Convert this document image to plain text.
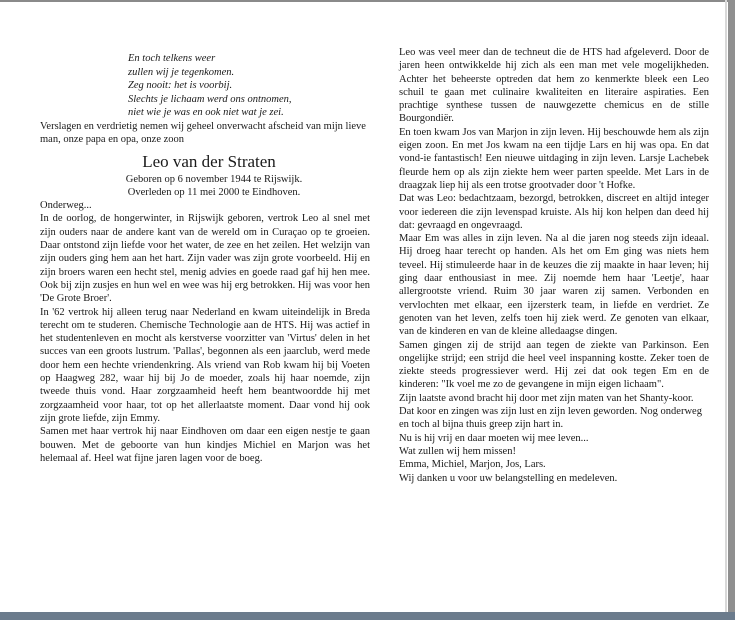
En toch telkens weer
zullen wij je tegenkomen.
Zeg nooit: het is voorbij.
Slechts je lichaam werd ons ontnomen,
niet wie je was en ook niet wat je zei.

Verslagen en verdrietig nemen wij geheel onverwacht afscheid van mijn lieve man, onze papa en opa, onze zoon

Leo van der Straten
Geboren op 6 november 1944 te Rijswijk.
Overleden op 11 mei 2000 te Eindhoven.

Onderweg...

In de oorlog, de hongerwinter, in Rijswijk geboren, vertrok Leo al snel met zijn ouders naar de andere kant van de wereld om in Curaçao op te groeien. Daar ontstond zijn liefde voor het water, de zee en het zeilen. Het welzijn van zijn ouders ging hem aan het hart. Zijn vader was zijn grote voorbeeld. Hij en zijn broers waren een hecht stel, menig advies en goede raad gaf hij hen mee. Ook bij zijn zusjes en hun wel en wee was hij erg betrokken. Hij was voor hen 'De Grote Broer'.

In '62 vertrok hij alleen terug naar Nederland en kwam uiteindelijk in Breda terecht om te studeren. Chemische Technologie aan de HTS. Hij was actief in het studentenleven en mocht als kerstverse voorzitter van 'Virtus' delen in het succes van een groots lustrum. 'Pallas', begonnen als een jaarclub, werd mede door hem een hechte vriendenkring. Als vriend van Rob kwam hij bij Voeten op Haagweg 282, waar hij bij Jo de moeder, zoals hij haar noemde, zijn tweede thuis vond. Haar zorgzaamheid heeft hem beantwoordde hij met zorgzaamheid voor haar, tot op het allerlaatste moment. Daar vond hij ook zijn grote liefde, zijn Emmy.

Samen met haar vertrok hij naar Eindhoven om daar een eigen nestje te gaan bouwen. Met de geboorte van hun kindjes Michiel en Marjon was het helemaal af. Heel wat fijne jaren lagen voor de boeg.

Leo was veel meer dan de techneut die de HTS had afgeleverd. Door de jaren heen ontwikkelde hij zich als een man met vele mogelijkheden. Achter het beheerste optreden dat hem zo kenmerkte bleek een Leo schuil te gaan met culinaire kwaliteiten en literaire aspiraties. Een prachtige synthese tussen de nauwgezette chemicus en de stille Bourgondiër.

En toen kwam Jos van Marjon in zijn leven. Hij beschouwde hem als zijn eigen zoon. En met Jos kwam na een tijdje Lars en hij was opa. En dat vond-ie fantastisch! Een nieuwe uitdaging in zijn leven. Larsje Lachebek fleurde hem op als zijn ziekte hem weer parten speelde. Met Lars in de draagzak liep hij als een trotse grootvader door 't Hofke.

Dat was Leo: bedachtzaam, bezorgd, betrokken, discreet en altijd integer voor iedereen die zijn levenspad kruiste. Als hij kon helpen dan deed hij dat: gevraagd en ongevraagd.

Maar Em was alles in zijn leven. Na al die jaren nog steeds zijn ideaal. Hij droeg haar terecht op handen. Als het om Em ging was niets hem teveel. Hij stimuleerde haar in de keuzes die zij maakte in haar leven; hij ging daar enthousiast in mee. Zij noemde hem haar 'Leetje', haar allergrootste vriend. Ruim 30 jaar waren zij samen. Verbonden en vervlochten met elkaar, een ijzersterk team, in liefde en verdriet. Ze genoten van het leven, zelfs toen hij ziek werd. Ze genoten van elkaar, van de kinderen en van de kleine alledaagse dingen.

Samen gingen zij de strijd aan tegen de ziekte van Parkinson. Een ongelijke strijd; een strijd die heel veel inspanning kostte. Zeker toen de ziekte steeds progressiever werd. Hij zei dat ook tegen Em en de kinderen: "Ik voel me zo de gevangene in mijn eigen lichaam".

Zijn laatste avond bracht hij door met zijn maten van het Shanty-koor. Dat koor en zingen was zijn lust en zijn leven geworden. Nog onderweg en toch al bijna thuis greep zijn hart in.

Nu is hij vrij en daar moeten wij mee leven...

Wat zullen wij hem missen!

Emma, Michiel, Marjon, Jos, Lars.

Wij danken u voor uw belangstelling en medeleven.
